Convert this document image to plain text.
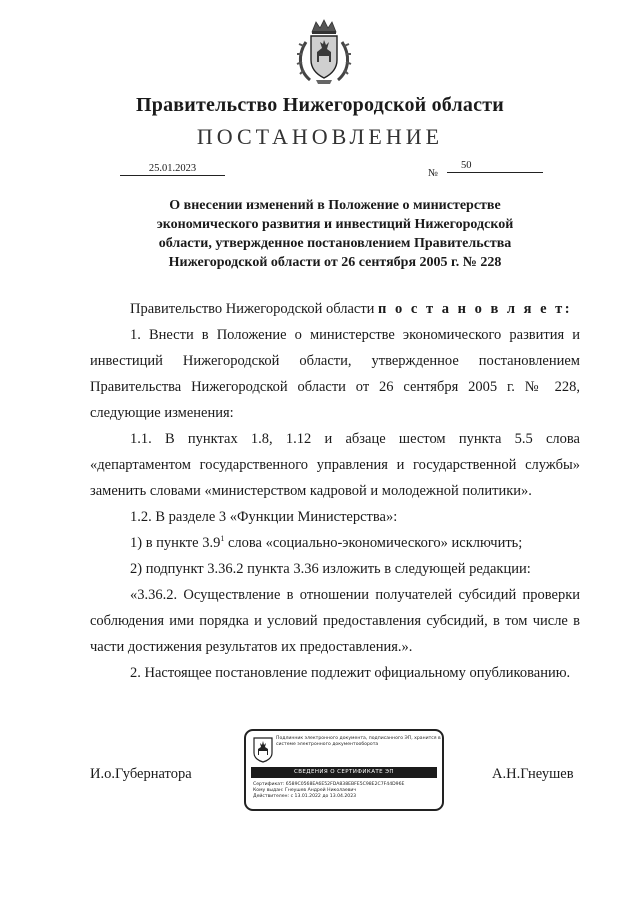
Правительство Нижегородской области
ПОСТАНОВЛЕНИЕ
25.01.2023	№
50
О внесении изменений в Положение о министерстве
экономического развития и инвестиций Нижегородской
области, утвержденное постановлением Правительства
Нижегородской области от 26 сентября 2005 г. № 228

Правительство Нижегородской области п о с т а н о в л я е т:

1. Внести в Положение о министерстве экономического развития и инвестиций Нижегородской области, утвержденное постановлением Правительства Нижегородской области от 26 сентября 2005 г. № 228, следующие изменения:

1.1. В пунктах 1.8, 1.12 и абзаце шестом пункта 5.5 слова «департаментом государственного управления и государственной службы» заменить словами «министерством кадровой и молодежной политики».

1.2. В разделе 3 «Функции Министерства»:

1) в пункте $3.9^1$ слова «социально-экономического» исключить;

2) подпункт 3.36.2 пункта 3.36 изложить в следующей редакции:

«3.36.2. Осуществление в отношении получателей субсидий проверки соблюдения ими порядка и условий предоставления субсидий, в том числе в части достижения результатов их предоставления.».

2. Настоящее постановление подлежит официальному опубликованию.

И.о.Губернатора	А.Н.Гнеушев
Подлинник электронного документа, подписанного ЭП, хранится в системе электронного документооборота
СВЕДЕНИЯ О СЕРТИФИКАТЕ ЭП
Сертификат: 6589C0568EA6E52FDA838EBFE5C98E2C7F44D96E
Кому выдан: Гнеушев Андрей Николаевич
Действителен: с 13.01.2022 до 13.04.2023
